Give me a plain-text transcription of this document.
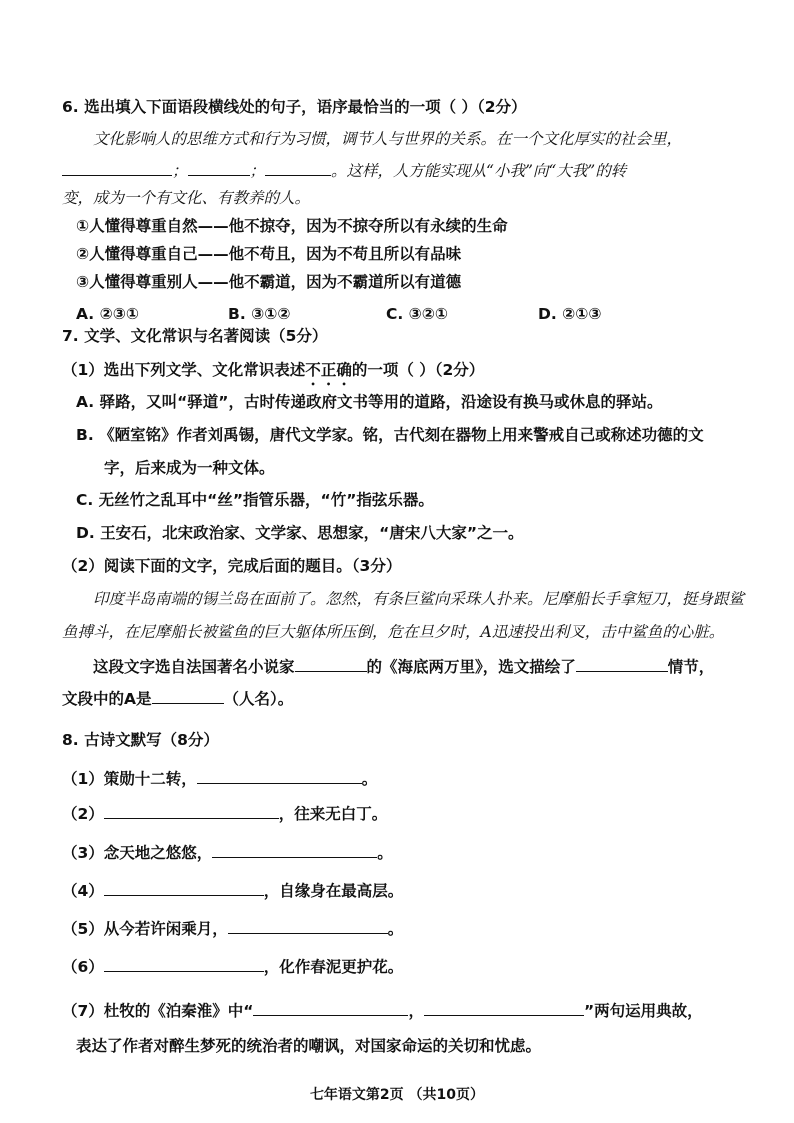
6. 选出填入下面语段横线处的句子，语序最恰当的一项（ ）（2分）
文化影响人的思维方式和行为习惯，调节人与世界的关系。在一个文化厚实的社会里，
；	；	。这样，人方能实现从“小我”向“大我”的转
变，成为一个有文化、有教养的人。
①人懂得尊重自然——他不掠夺，因为不掠夺所以有永续的生命
②人懂得尊重自己——他不苟且，因为不苟且所以有品味
③人懂得尊重别人——他不霸道，因为不霸道所以有道德
A. ②③①	B. ③①②	C. ③②①	D. ②①③
7. 文学、文化常识与名著阅读（5分）
（1）选出下列文学、文化常识表述不正确的一项（ ）（2分）
A. 驿路，又叫“驿道”，古时传递政府文书等用的道路，沿途设有换马或休息的驿站。
B. 《陋室铭》作者刘禹锡，唐代文学家。铭，古代刻在器物上用来警戒自己或称述功德的文
字，后来成为一种文体。
C. 无丝竹之乱耳中“丝”指管乐器，“竹”指弦乐器。
D. 王安石，北宋政治家、文学家、思想家，“唐宋八大家”之一。
（2）阅读下面的文字，完成后面的题目。（3分）
印度半岛南端的锡兰岛在面前了。忽然，有条巨鲨向采珠人扑来。尼摩船长手拿短刀，挺身跟鲨
鱼搏斗，在尼摩船长被鲨鱼的巨大躯体所压倒，危在旦夕时，A迅速投出利叉，击中鲨鱼的心脏。
这段文字选自法国著名小说家	的《海底两万里》，选文描绘了	情节，
文段中的A是	（人名）。
8. 古诗文默写（8分）
（1）策勋十二转，	。
（2）	，往来无白丁。
（3）念天地之悠悠，	。
（4）	，自缘身在最高层。
（5）从今若许闲乘月，	。
（6）	，化作春泥更护花。
（7）杜牧的《泊秦淮》中“	，	”两句运用典故，
表达了作者对醉生梦死的统治者的嘲讽，对国家命运的关切和忧虑。
七年语文第2页 （共10页）
